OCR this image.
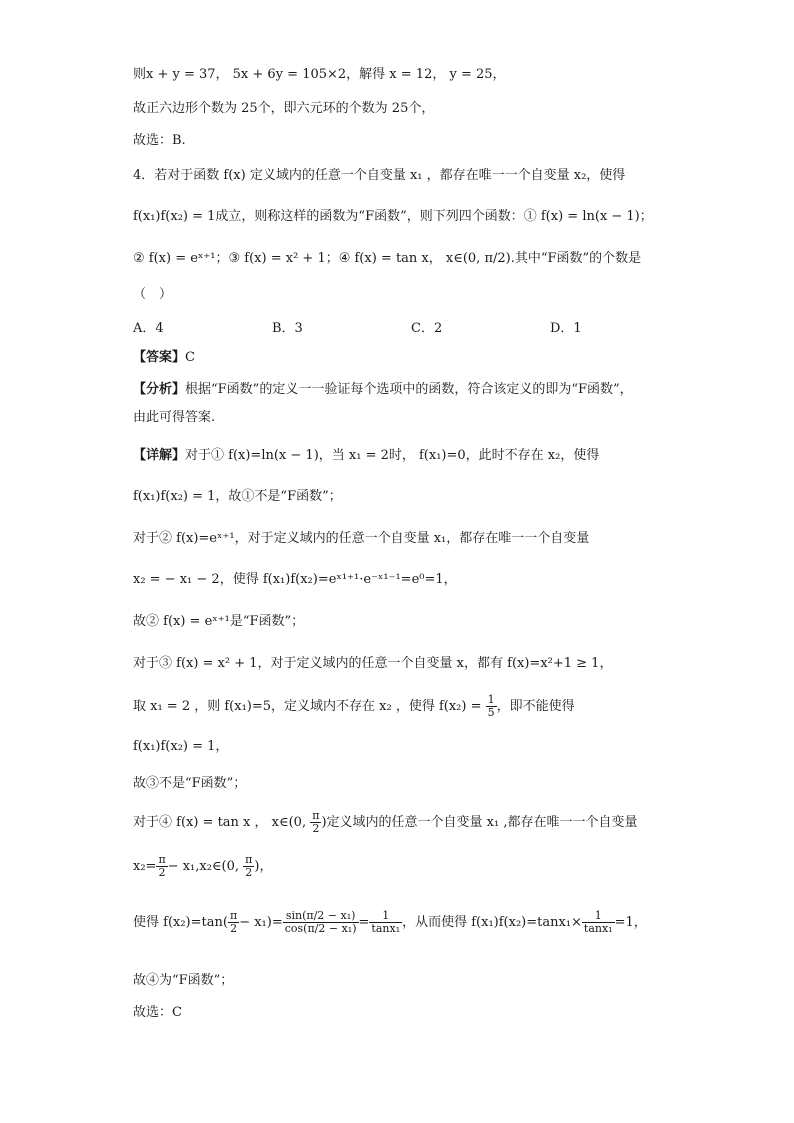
则x + y = 37， 5x + 6y = 105×2，解得 x = 12， y = 25，
故正六边形个数为 25个，即六元环的个数为 25个，
故选：B.
4．若对于函数 f(x) 定义域内的任意一个自变量 x₁ ，都存在唯一一个自变量 x₂，使得
f(x₁)f(x₂) = 1成立，则称这样的函数为“F函数”，则下列四个函数：① f(x) = ln(x − 1)；
② f(x) = eˣ⁺¹；③ f(x) = x² + 1；④ f(x) = tan x， x∈(0, π/2).其中“F函数”的个数是
（　）
A．4	B．3	C．2	D．1
【答案】C
【分析】根据“F函数”的定义一一验证每个选项中的函数，符合该定义的即为“F函数”，
由此可得答案.
【详解】对于① f(x)=ln(x − 1)，当 x₁ = 2时， f(x₁)=0，此时不存在 x₂，使得
f(x₁)f(x₂) = 1，故①不是“F函数”；
对于② f(x)=eˣ⁺¹，对于定义域内的任意一个自变量 x₁，都存在唯一一个自变量
x₂ = − x₁ − 2，使得 f(x₁)f(x₂)=eˣ¹⁺¹·e⁻ˣ¹⁻¹=e⁰=1，
故② f(x) = eˣ⁺¹是“F函数”；
对于③ f(x) = x² + 1，对于定义域内的任意一个自变量 x，都有 f(x)=x²+1 ≥ 1，
取 x₁ = 2 ，则 f(x₁)=5，定义域内不存在 x₂ ，使得 $f(x_2) = \frac{1}{5}$ ，即不能使得
f(x₁)f(x₂) = 1，
故③不是“F函数”；
对于④ f(x) = tan x ， x∈(0, $\frac{\pi}{2}$ )定义域内的任意一个自变量 x₁ ,都存在唯一一个自变量
$x_2= \frac{\pi}{2}$ − x₁,x₂∈(0, $\frac{\pi}{2}$ )，
使得 $f(x_2)=\tan( \frac{\pi}{2} - x_1)= \frac{\text{sin(π/2 − x₁)}}{\text{cos(π/2 − x₁)}} = \frac{1}{\text{tanx₁}}$ ，从而使得 $f(x_1)f(x_2)=\tan x_1\times \frac{1}{\text{tanx₁}} =1$，
故④为“F函数”；
故选：C
